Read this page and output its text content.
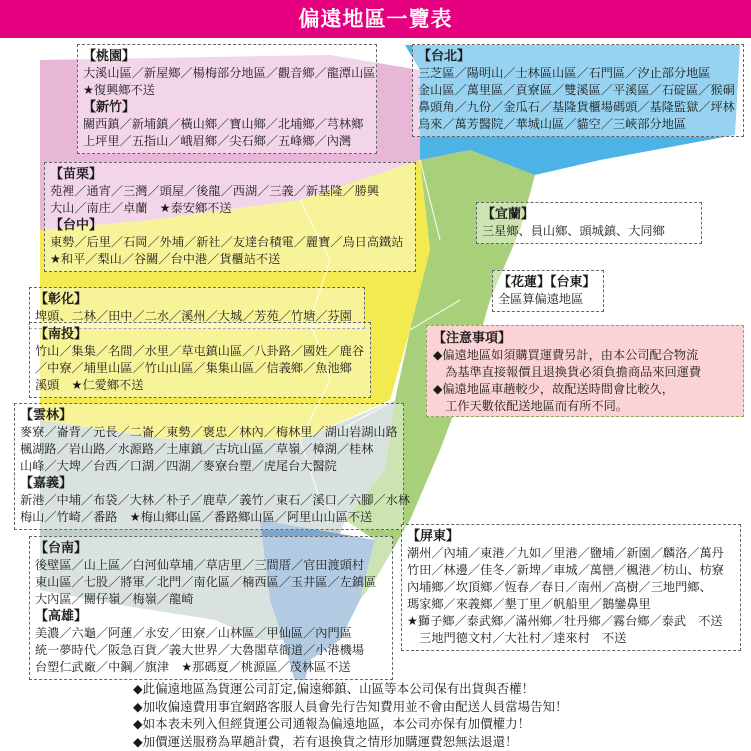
偏遠地區一覽表
【桃園】
大溪山區／新屋鄉／楊梅部分地區／觀音鄉／龍潭山區
★復興鄉不送
【新竹】
關西鎮／新埔鎮／橫山鄉／寶山鄉／北埔鄉／芎林鄉
上坪里／五指山／峨眉鄉／尖石鄉／五峰鄉／內灣
【台北】
三芝區／陽明山／士林區山區／石門區／汐止部分地區
金山區／萬里區／貢寮區／雙溪區／平溪區／石碇區／猴硐
鼻頭角／九份／金瓜石／基隆貨櫃場碼頭／基隆監獄／坪林
烏來／萬芳醫院／華城山區／貓空／三峽部分地區
【苗栗】
苑裡／通宵／三灣／頭屋／後龍／西湖／三義／新基隆／勝興
大山／南庄／卓蘭　★泰安鄉不送
【台中】
東勢／后里／石岡／外埔／新社／友達台積電／麗寶／烏日高鐵站
★和平／梨山／谷關／台中港／貨櫃站不送
【宜蘭】
三星鄉、員山鄉、頭城鎮、大同鄉
【花蓮】【台東】
全區算偏遠地區
【彰化】
埤頭、二林／田中／二水／溪州／大城／芳苑／竹塘／芬園
【南投】
竹山／集集／名間／水里／草屯鎮山區／八卦路／國姓／鹿谷
／中寮／埔里山區／竹山山區／集集山區／信義鄉／魚池鄉
溪頭　★仁愛鄉不送
【注意事項】
◆偏遠地區如須購買運費另計，由本公司配合物流
　為基準直接報價且退換貨必須負擔商品來回運費
◆偏遠地區車趟較少，故配送時間會比較久，
　工作天數依配送地區而有所不同。
【雲林】
麥寮／崙背／元長／二崙／東勢／褒忠／林內／梅林里／湖山岩湖山路
楓湖路／岩山路／水源路／土庫鎮／古坑山區／草嶺／樟湖／桂林
山峰／大埤／台西／口湖／四湖／麥寮台塑／虎尾台大醫院
【嘉義】
新港／中埔／布袋／大林／朴子／鹿草／義竹／東石／溪口／六腳／水林
梅山／竹崎／番路　★梅山鄉山區／番路鄉山區／阿里山山區不送
【台南】
後壁區／山上區／白河仙草埔／草店里／三間厝／官田渡頭村
東山區／七股／將軍／北門／南化區／楠西區／玉井區／左鎮區
大內區／關仔嶺／梅嶺／龍崎
【高雄】
美濃／六龜／阿蓮／永安／田寮／山林區／甲仙區／內門區
統一夢時代／阪急百貨／義大世界／大魯閣草衙道／小港機場
台塑仁武廠／中鋼／旗津　★那碼夏／桃源區／茂林區不送
【屏東】
潮州／內埔／東港／九如／里港／鹽埔／新園／麟洛／萬丹
竹田／林邊／佳冬／新埤／車城／萬巒／楓港／枋山、枋寮
內埔鄉／坎頂鄉／恆春／春日／南州／高樹／三地門鄉、
瑪家鄉／來義鄉／墾丁里／帆船里／鵝鑾鼻里
★獅子鄉／泰武鄉／滿州鄉／牡丹鄉／霧台鄉／泰武　不送
　三地門德文村／大社村／達來村　不送
◆此偏遠地區為貨運公司訂定,偏遠鄉鎮、山區等本公司保有出貨與否權！
◆加收偏遠費用事宜網路客服人員會先行告知費用並不會由配送人員當場告知！
◆如本表未列入但經貨運公司通報為偏遠地區，本公司亦保有加價權力！
◆加價運送服務為單趟計費，若有退換貨之情形加購運費恕無法退還！
